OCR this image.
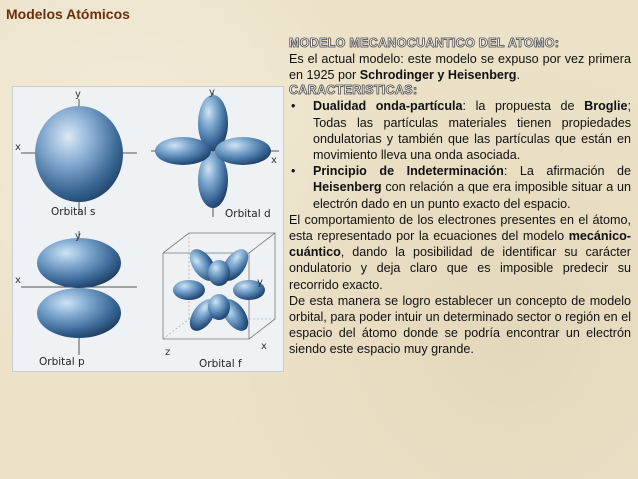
Modelos Atómicos
y
x
Orbital s
y
x
Orbital d
y
x
Orbital p
y
z
x
Orbital f

MODELO MECANOCUANTICO DEL ATOMO:

Es el actual modelo: este modelo se expuso por vez primera en 1925 por Schrodinger y Heisenberg.

CARACTERISTICAS:

• Dualidad onda-partícula: la propuesta de Broglie; Todas las partículas materiales tienen propiedades ondulatorias y también que las partículas que están en movimiento lleva una onda asociada.
• Principio de Indeterminación: La afirmación de Heisenberg con relación a que era imposible situar a un electrón dado en un punto exacto del espacio.

El comportamiento de los electrones presentes en el átomo, esta representado por la ecuaciones del modelo mecánico-cuántico, dando la posibilidad de identificar su carácter ondulatorio y deja claro que es imposible predecir su recorrido exacto.

De esta manera se logro establecer un concepto de modelo orbital, para poder intuir un determinado sector o región en el espacio del átomo donde se podría encontrar un electrón siendo este espacio muy grande.
